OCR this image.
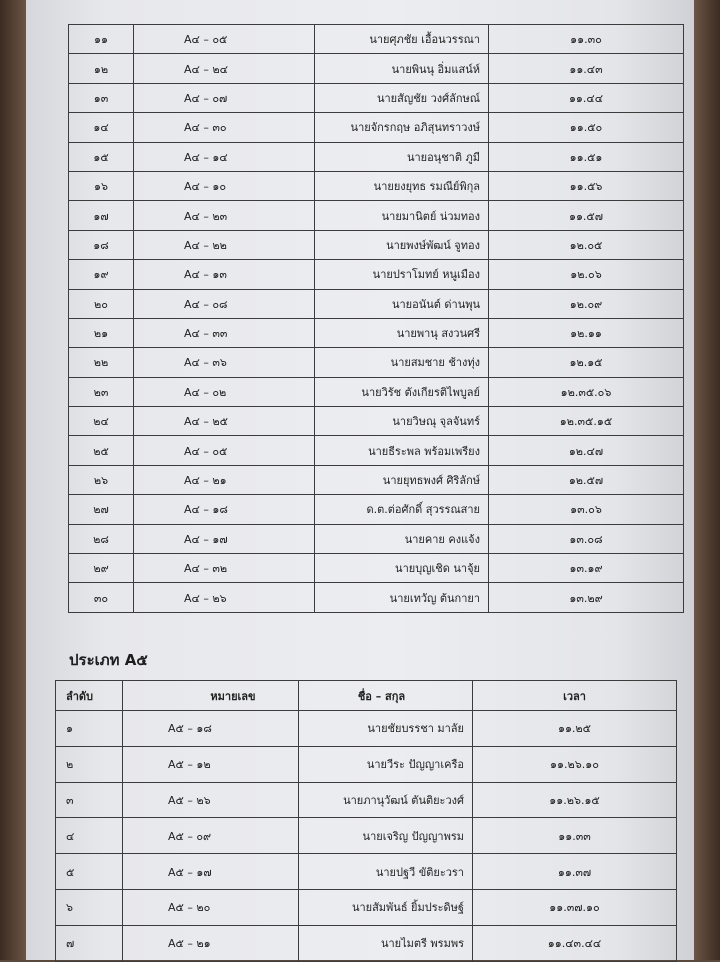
๑๑	A๔ – ๐๕	นายศุภชัย เอื้อนวรรณา	๑๑.๓๐
๑๒	A๔ – ๒๔	นายพินนุ อิ่มแสน์ห์	๑๑.๔๓
๑๓	A๔ – ๐๗	นายสัญชัย วงศ์ลักษณ์	๑๑.๔๔
๑๔	A๔ – ๓๐	นายจักรกฤษ อภิสุนทราวงษ์	๑๑.๕๐
๑๕	A๔ – ๑๔	นายอนุชาติ ภูมี	๑๑.๕๑
๑๖	A๔ – ๑๐	นายยงยุทธ รมณีย์พิกุล	๑๑.๕๖
๑๗	A๔ – ๒๓	นายมานิตย์ น่วมทอง	๑๑.๕๗
๑๘	A๔ – ๒๒	นายพงษ์พัฒน์ จูทอง	๑๒.๐๕
๑๙	A๔ – ๑๓	นายปราโมทย์ หนูเมือง	๑๒.๐๖
๒๐	A๔ – ๐๘	นายอนันต์ ด่านพุน	๑๒.๐๙
๒๑	A๔ – ๓๓	นายพานุ สงวนศรี	๑๒.๑๑
๒๒	A๔ – ๓๖	นายสมชาย ช้างทุ่ง	๑๒.๑๕
๒๓	A๔ – ๐๒	นายวิรัช ตังเกียรติไพบูลย์	๑๒.๓๕.๐๖
๒๔	A๔ – ๒๕	นายวิษณุ จุลจันทร์	๑๒.๓๕.๑๕
๒๕	A๔ – ๐๕	นายธีระพล พร้อมเพรียง	๑๒.๔๗
๒๖	A๔ – ๒๑	นายยุทธพงศ์ ศิริลักษ์	๑๒.๕๗
๒๗	A๔ – ๑๘	ด.ต.ต่อศักดิ์ สุวรรณสาย	๑๓.๐๖
๒๘	A๔ – ๑๗	นายคาย คงแจ้ง	๑๓.๐๘
๒๙	A๔ – ๓๒	นายบุญเชิด นาจุ้ย	๑๓.๑๙
๓๐	A๔ – ๒๖	นายเทวัญ ต้นกายา	๑๓.๒๙
ประเภท A๕
ลำดับ	หมายเลข	ชื่อ – สกุล	เวลา
๑	A๕ – ๑๘	นายชัยบรรชา มาลัย	๑๑.๒๕
๒	A๕ – ๑๒	นายวีระ ปัญญาเครือ	๑๑.๒๖.๑๐
๓	A๕ – ๒๖	นายภานุวัฒน์ ตันติยะวงศ์	๑๑.๒๖.๑๕
๔	A๕ – ๐๙	นายเจริญ ปัญญาพรม	๑๑.๓๓
๕	A๕ – ๑๗	นายปฐวี ขัติยะวรา	๑๑.๓๗
๖	A๕ – ๒๐	นายสัมพันธ์ ยิ้มประดิษฐ์	๑๑.๓๗.๑๐
๗	A๕ – ๒๑	นายไมตรี พรมพร	๑๑.๔๓.๔๔
